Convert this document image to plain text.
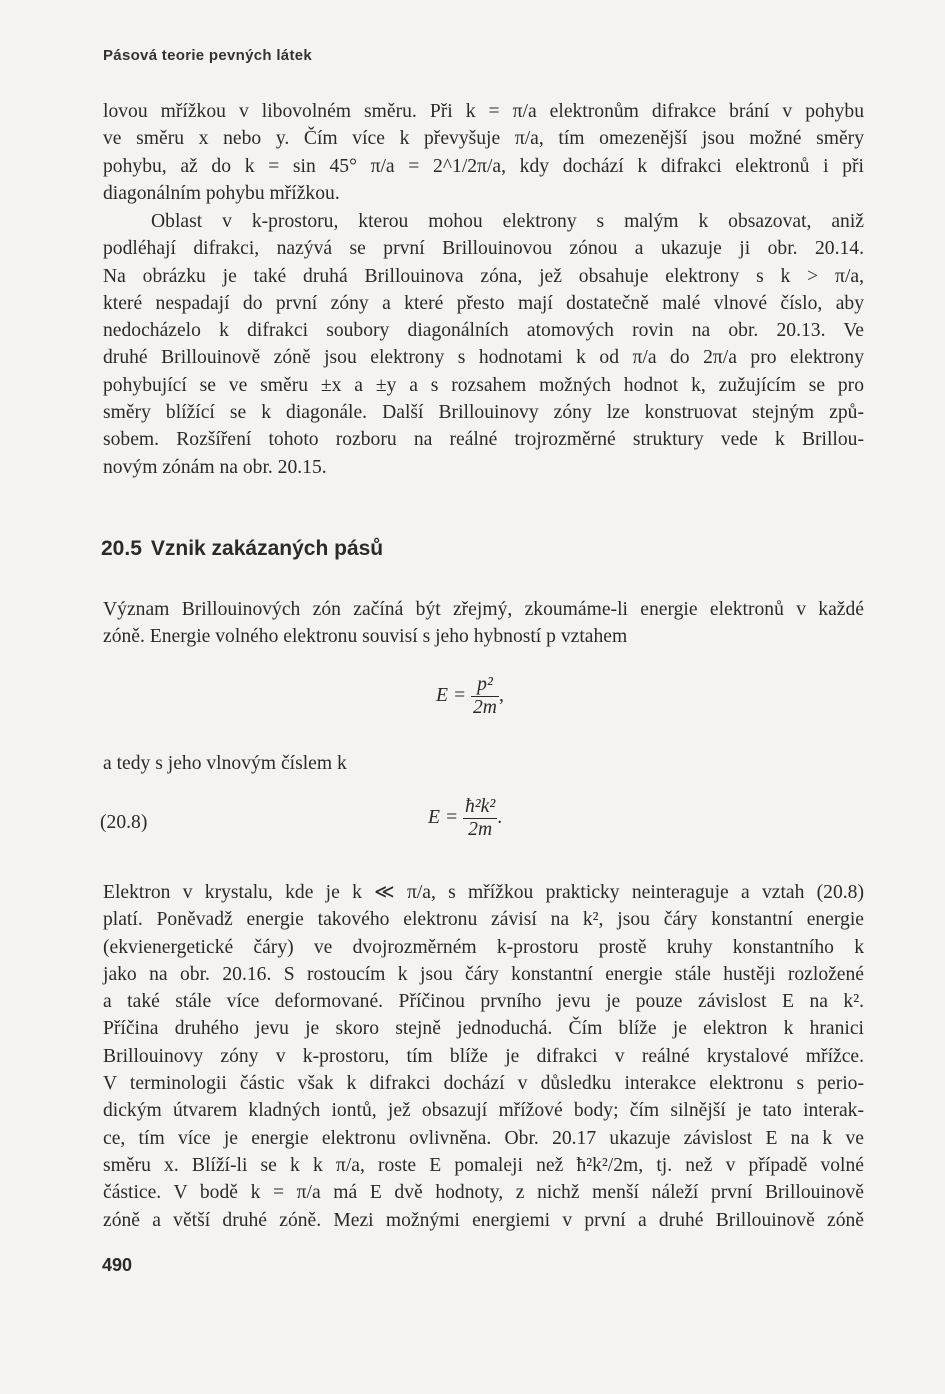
Pásová teorie pevných látek
lovou mřížkou v libovolném směru. Při k = π/a elektronům difrakce brání v pohybu
ve směru x nebo y. Čím více k převyšuje π/a, tím omezenější jsou možné směry
pohybu, až do k = sin 45° π/a = 2^1/2π/a, kdy dochází k difrakci elektronů i při
diagonálním pohybu mřížkou.
Oblast v k-prostoru, kterou mohou elektrony s malým k obsazovat, aniž
podléhají difrakci, nazývá se první Brillouinovou zónou a ukazuje ji obr. 20.14.
Na obrázku je také druhá Brillouinova zóna, jež obsahuje elektrony s k > π/a,
které nespadají do první zóny a které přesto mají dostatečně malé vlnové číslo, aby
nedocházelo k difrakci soubory diagonálních atomových rovin na obr. 20.13. Ve
druhé Brillouinově zóně jsou elektrony s hodnotami k od π/a do 2π/a pro elektrony
pohybující se ve směru ±x a ±y a s rozsahem možných hodnot k, zužujícím se pro
směry blížící se k diagonále. Další Brillouinovy zóny lze konstruovat stejným způ-
sobem. Rozšíření tohoto rozboru na reálné trojrozměrné struktury vede k Brillou-
novým zónám na obr. 20.15.
20.5 Vznik zakázaných pásů
Význam Brillouinových zón začíná být zřejmý, zkoumáme-li energie elektronů v každé
zóně. Energie volného elektronu souvisí s jeho hybností p vztahem
$E = \frac{\text{p²}}{2m}$ ,
a tedy s jeho vlnovým číslem k
(20.8)	$E = \frac{\text{ħ²k²}}{2m}$ .
Elektron v krystalu, kde je k ≪ π/a, s mřížkou prakticky neinteraguje a vztah (20.8)
platí. Poněvadž energie takového elektronu závisí na k², jsou čáry konstantní energie
(ekvienergetické čáry) ve dvojrozměrném k-prostoru prostě kruhy konstantního k
jako na obr. 20.16. S rostoucím k jsou čáry konstantní energie stále hustěji rozložené
a také stále více deformované. Příčinou prvního jevu je pouze závislost E na k².
Příčina druhého jevu je skoro stejně jednoduchá. Čím blíže je elektron k hranici
Brillouinovy zóny v k-prostoru, tím blíže je difrakci v reálné krystalové mřížce.
V terminologii částic však k difrakci dochází v důsledku interakce elektronu s perio-
dickým útvarem kladných iontů, jež obsazují mřížové body; čím silnější je tato interak-
ce, tím více je energie elektronu ovlivněna. Obr. 20.17 ukazuje závislost E na k ve
směru x. Blíží-li se k k π/a, roste E pomaleji než ħ²k²/2m, tj. než v případě volné
částice. V bodě k = π/a má E dvě hodnoty, z nichž menší náleží první Brillouinově
zóně a větší druhé zóně. Mezi možnými energiemi v první a druhé Brillouinově zóně
490
